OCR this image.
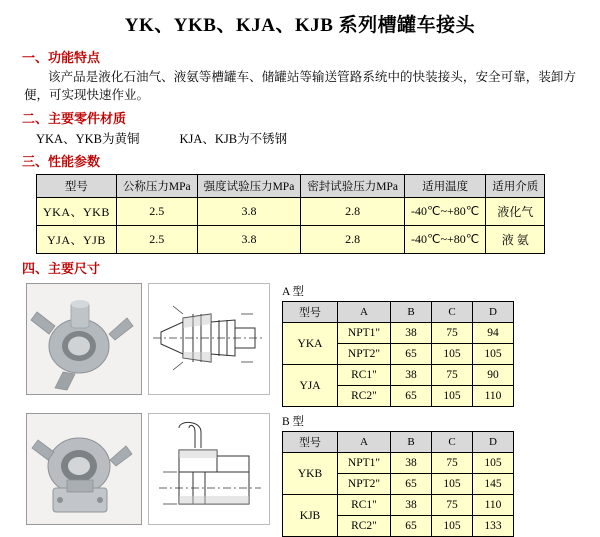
YK、YKB、KJA、KJB 系列槽罐车接头
一、功能特点
该产品是液化石油气、液氨等槽罐车、储罐站等输送管路系统中的快装接头，安全可靠，装卸方便，可实现快速作业。
二、主要零件材质
YKA、YKB为黄铜	KJA、KJB为不锈钢
三、性能参数
型号	公称压力MPa	强度试验压力MPa	密封试验压力MPa	适用温度	适用介质
YKA、YKB	2.5	3.8	2.8	-40℃~+80℃	液化气
YJA、YJB	2.5	3.8	2.8	-40℃~+80℃	液 氨
四、主要尺寸
A 型
型号	A	B	C	D
YKA	NPT1"	38	75	94
	NPT2"	65	105	105
YJA	RC1"	38	75	90
	RC2"	65	105	110
B 型
型号	A	B	C	D
YKB	NPT1"	38	75	105
	NPT2"	65	105	145
KJB	RC1"	38	75	110
	RC2"	65	105	133
